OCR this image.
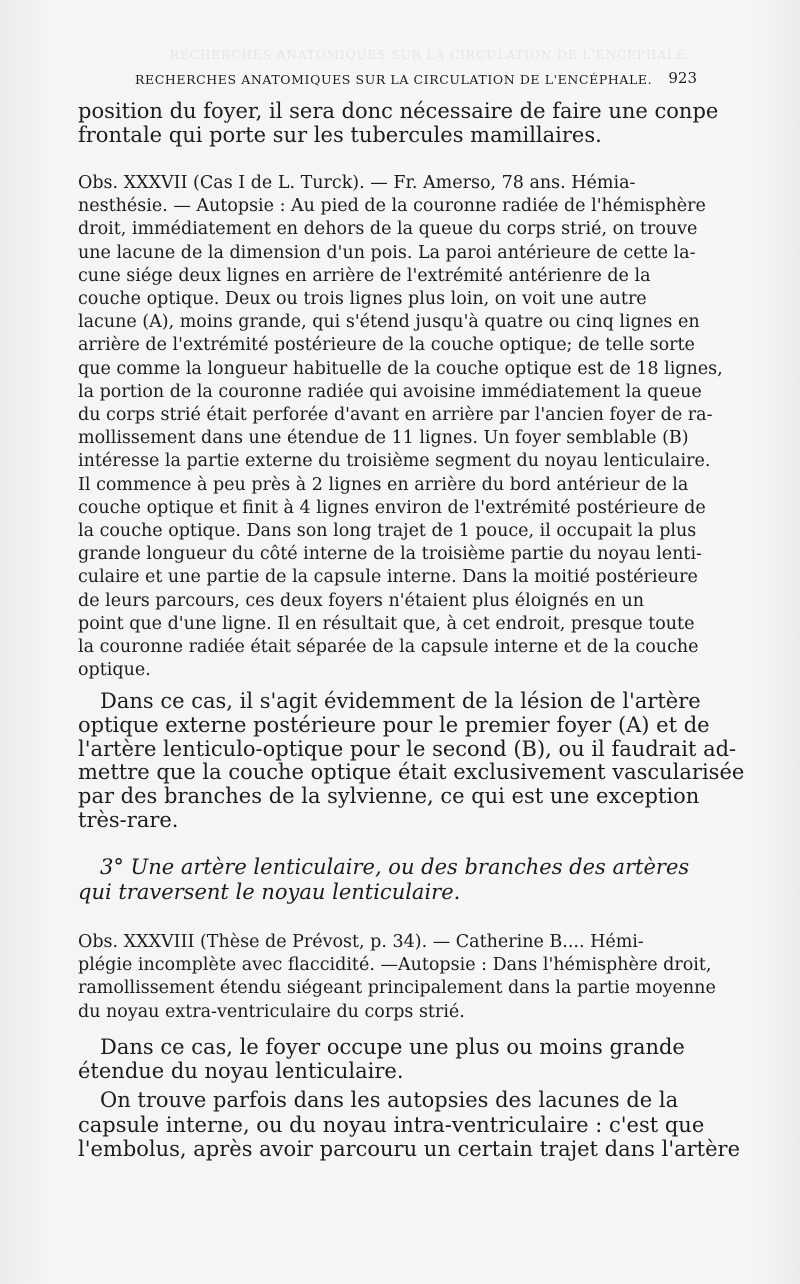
RECHERCHES ANATOMIQUES SUR LA CIRCULATION DE L'ENCÉPHALE.
RECHERCHES ANATOMIQUES SUR LA CIRCULATION DE L'ENCÉPHALE. 923
position du foyer, il sera donc nécessaire de faire une conpe
frontale qui porte sur les tubercules mamillaires.
Obs. XXXVII (Cas I de L. Turck). — Fr. Amerso, 78 ans. Hémia-
nesthésie. — Autopsie : Au pied de la couronne radiée de l'hémisphère
droit, immédiatement en dehors de la queue du corps strié, on trouve
une lacune de la dimension d'un pois. La paroi antérieure de cette la-
cune siége deux lignes en arrière de l'extrémité antérienre de la
couche optique. Deux ou trois lignes plus loin, on voit une autre
lacune (A), moins grande, qui s'étend jusqu'à quatre ou cinq lignes en
arrière de l'extrémité postérieure de la couche optique; de telle sorte
que comme la longueur habituelle de la couche optique est de 18 lignes,
la portion de la couronne radiée qui avoisine immédiatement la queue
du corps strié était perforée d'avant en arrière par l'ancien foyer de ra-
mollissement dans une étendue de 11 lignes. Un foyer semblable (B)
intéresse la partie externe du troisième segment du noyau lenticulaire.
Il commence à peu près à 2 lignes en arrière du bord antérieur de la
couche optique et finit à 4 lignes environ de l'extrémité postérieure de
la couche optique. Dans son long trajet de 1 pouce, il occupait la plus
grande longueur du côté interne de la troisième partie du noyau lenti-
culaire et une partie de la capsule interne. Dans la moitié postérieure
de leurs parcours, ces deux foyers n'étaient plus éloignés en un
point que d'une ligne. Il en résultait que, à cet endroit, presque toute
la couronne radiée était séparée de la capsule interne et de la couche
optique.
Dans ce cas, il s'agit évidemment de la lésion de l'artère
optique externe postérieure pour le premier foyer (A) et de
l'artère lenticulo-optique pour le second (B), ou il faudrait ad-
mettre que la couche optique était exclusivement vascularisée
par des branches de la sylvienne, ce qui est une exception
très-rare.
3° Une artère lenticulaire, ou des branches des artères
qui traversent le noyau lenticulaire.
Obs. XXXVIII (Thèse de Prévost, p. 34). — Catherine B.... Hémi-
plégie incomplète avec flaccidité. —Autopsie : Dans l'hémisphère droit,
ramollissement étendu siégeant principalement dans la partie moyenne
du noyau extra-ventriculaire du corps strié.
Dans ce cas, le foyer occupe une plus ou moins grande
étendue du noyau lenticulaire.
On trouve parfois dans les autopsies des lacunes de la
capsule interne, ou du noyau intra-ventriculaire : c'est que
l'embolus, après avoir parcouru un certain trajet dans l'artère
